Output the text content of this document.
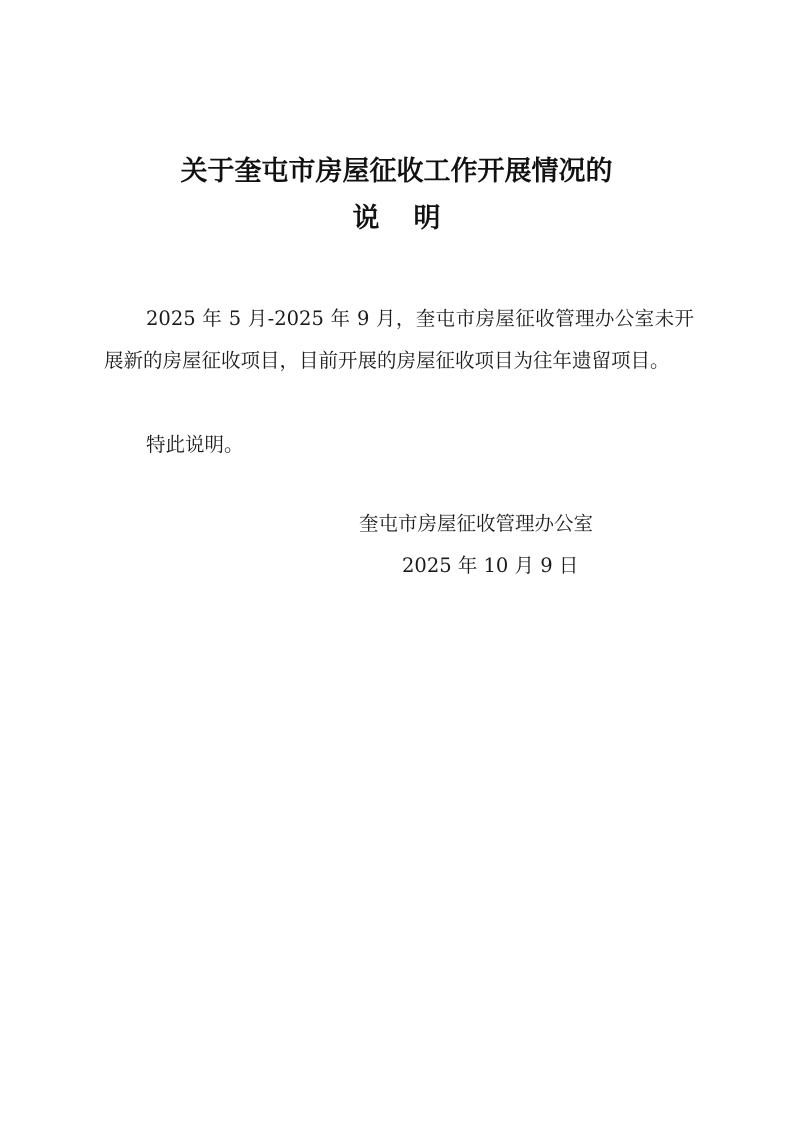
关于奎屯市房屋征收工作开展情况的
说 明
2025 年 5 月-2025 年 9 月，奎屯市房屋征收管理办公室未开展新的房屋征收项目，目前开展的房屋征收项目为往年遗留项目。
特此说明。
奎屯市房屋征收管理办公室
2025 年 10 月 9 日
